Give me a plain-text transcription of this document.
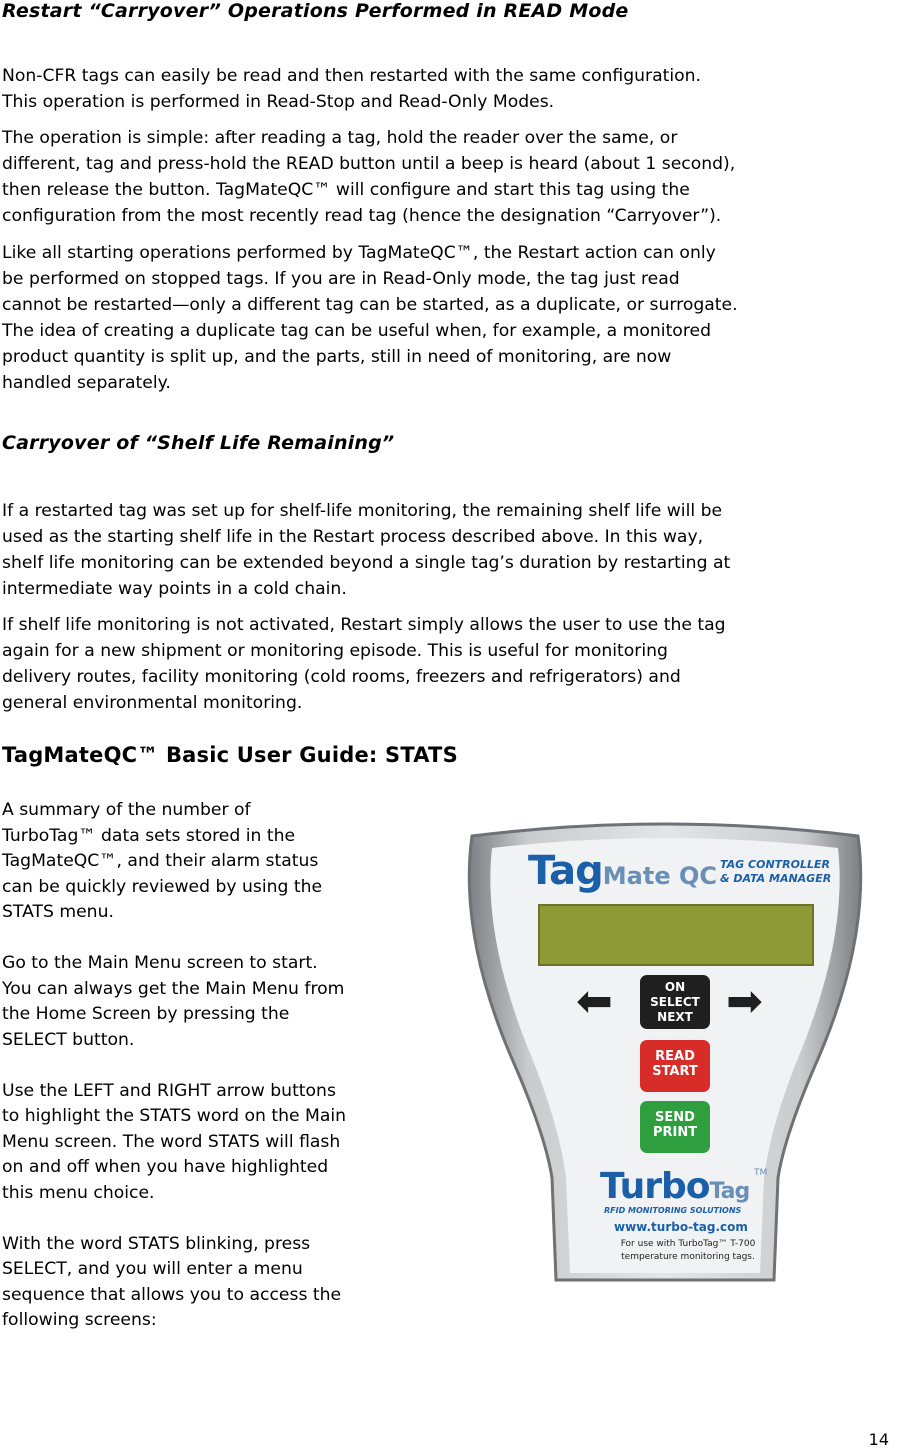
Restart “Carryover” Operations Performed in READ Mode
Non-CFR tags can easily be read and then restarted with the same configuration.
This operation is performed in Read-Stop and Read-Only Modes.
The operation is simple: after reading a tag, hold the reader over the same, or
different, tag and press-hold the READ button until a beep is heard (about 1 second),
then release the button. TagMateQC™ will configure and start this tag using the
configuration from the most recently read tag (hence the designation “Carryover”).
Like all starting operations performed by TagMateQC™, the Restart action can only
be performed on stopped tags. If you are in Read-Only mode, the tag just read
cannot be restarted—only a different tag can be started, as a duplicate, or surrogate.
The idea of creating a duplicate tag can be useful when, for example, a monitored
product quantity is split up, and the parts, still in need of monitoring, are now
handled separately.
Carryover of “Shelf Life Remaining”
If a restarted tag was set up for shelf-life monitoring, the remaining shelf life will be
used as the starting shelf life in the Restart process described above. In this way,
shelf life monitoring can be extended beyond a single tag’s duration by restarting at
intermediate way points in a cold chain.
If shelf life monitoring is not activated, Restart simply allows the user to use the tag
again for a new shipment or monitoring episode. This is useful for monitoring
delivery routes, facility monitoring (cold rooms, freezers and refrigerators) and
general environmental monitoring.
TagMateQC™ Basic User Guide: STATS

A summary of the number of
TurboTag™ data sets stored in the
TagMateQC™, and their alarm status
can be quickly reviewed by using the
STATS menu.

Go to the Main Menu screen to start.
You can always get the Main Menu from
the Home Screen by pressing the
SELECT button.

Use the LEFT and RIGHT arrow buttons
to highlight the STATS word on the Main
Menu screen. The word STATS will flash
on and off when you have highlighted
this menu choice.

With the word STATS blinking, press
SELECT, and you will enter a menu
sequence that allows you to access the
following screens:

TagMate QC TAG CONTROLLER
& DATA MANAGER

⬅	ON
SELECT
NEXT ➡
READ
START
SEND
PRINT
TurboTag
TM
RFID MONITORING SOLUTIONS
www.turbo-tag.com
For use with TurboTag™ T-700
temperature monitoring tags.
14
